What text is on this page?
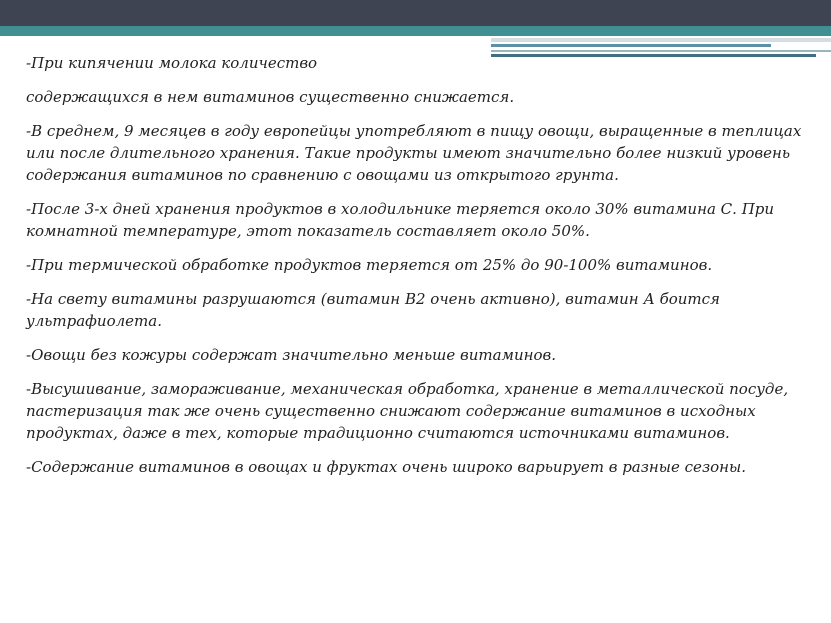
-При кипячении молока количество

содержащихся в нем витаминов существенно снижается.

-В среднем, 9 месяцев в году европейцы употребляют в пищу овощи, выращенные в теплицах или после длительного хранения. Такие продукты имеют значительно более низкий уровень содержания витаминов по сравнению с овощами из открытого грунта.

-После 3-х дней хранения продуктов в холодильнике теряется около 30% витамина С. При комнатной температуре, этот показатель составляет около 50%.

-При термической обработке продуктов теряется от 25% до 90-100% витаминов.

-На свету витамины разрушаются (витамин B2 очень активно), витамин А боится ультрафиолета.

-Овощи без кожуры содержат значительно меньше витаминов.

-Высушивание, замораживание, механическая обработка, хранение в металлической посуде, пастеризация так же очень существенно снижают содержание витаминов в исходных продуктах, даже в тех, которые традиционно считаются источниками витаминов.

-Содержание витаминов в овощах и фруктах очень широко варьирует в разные сезоны.
